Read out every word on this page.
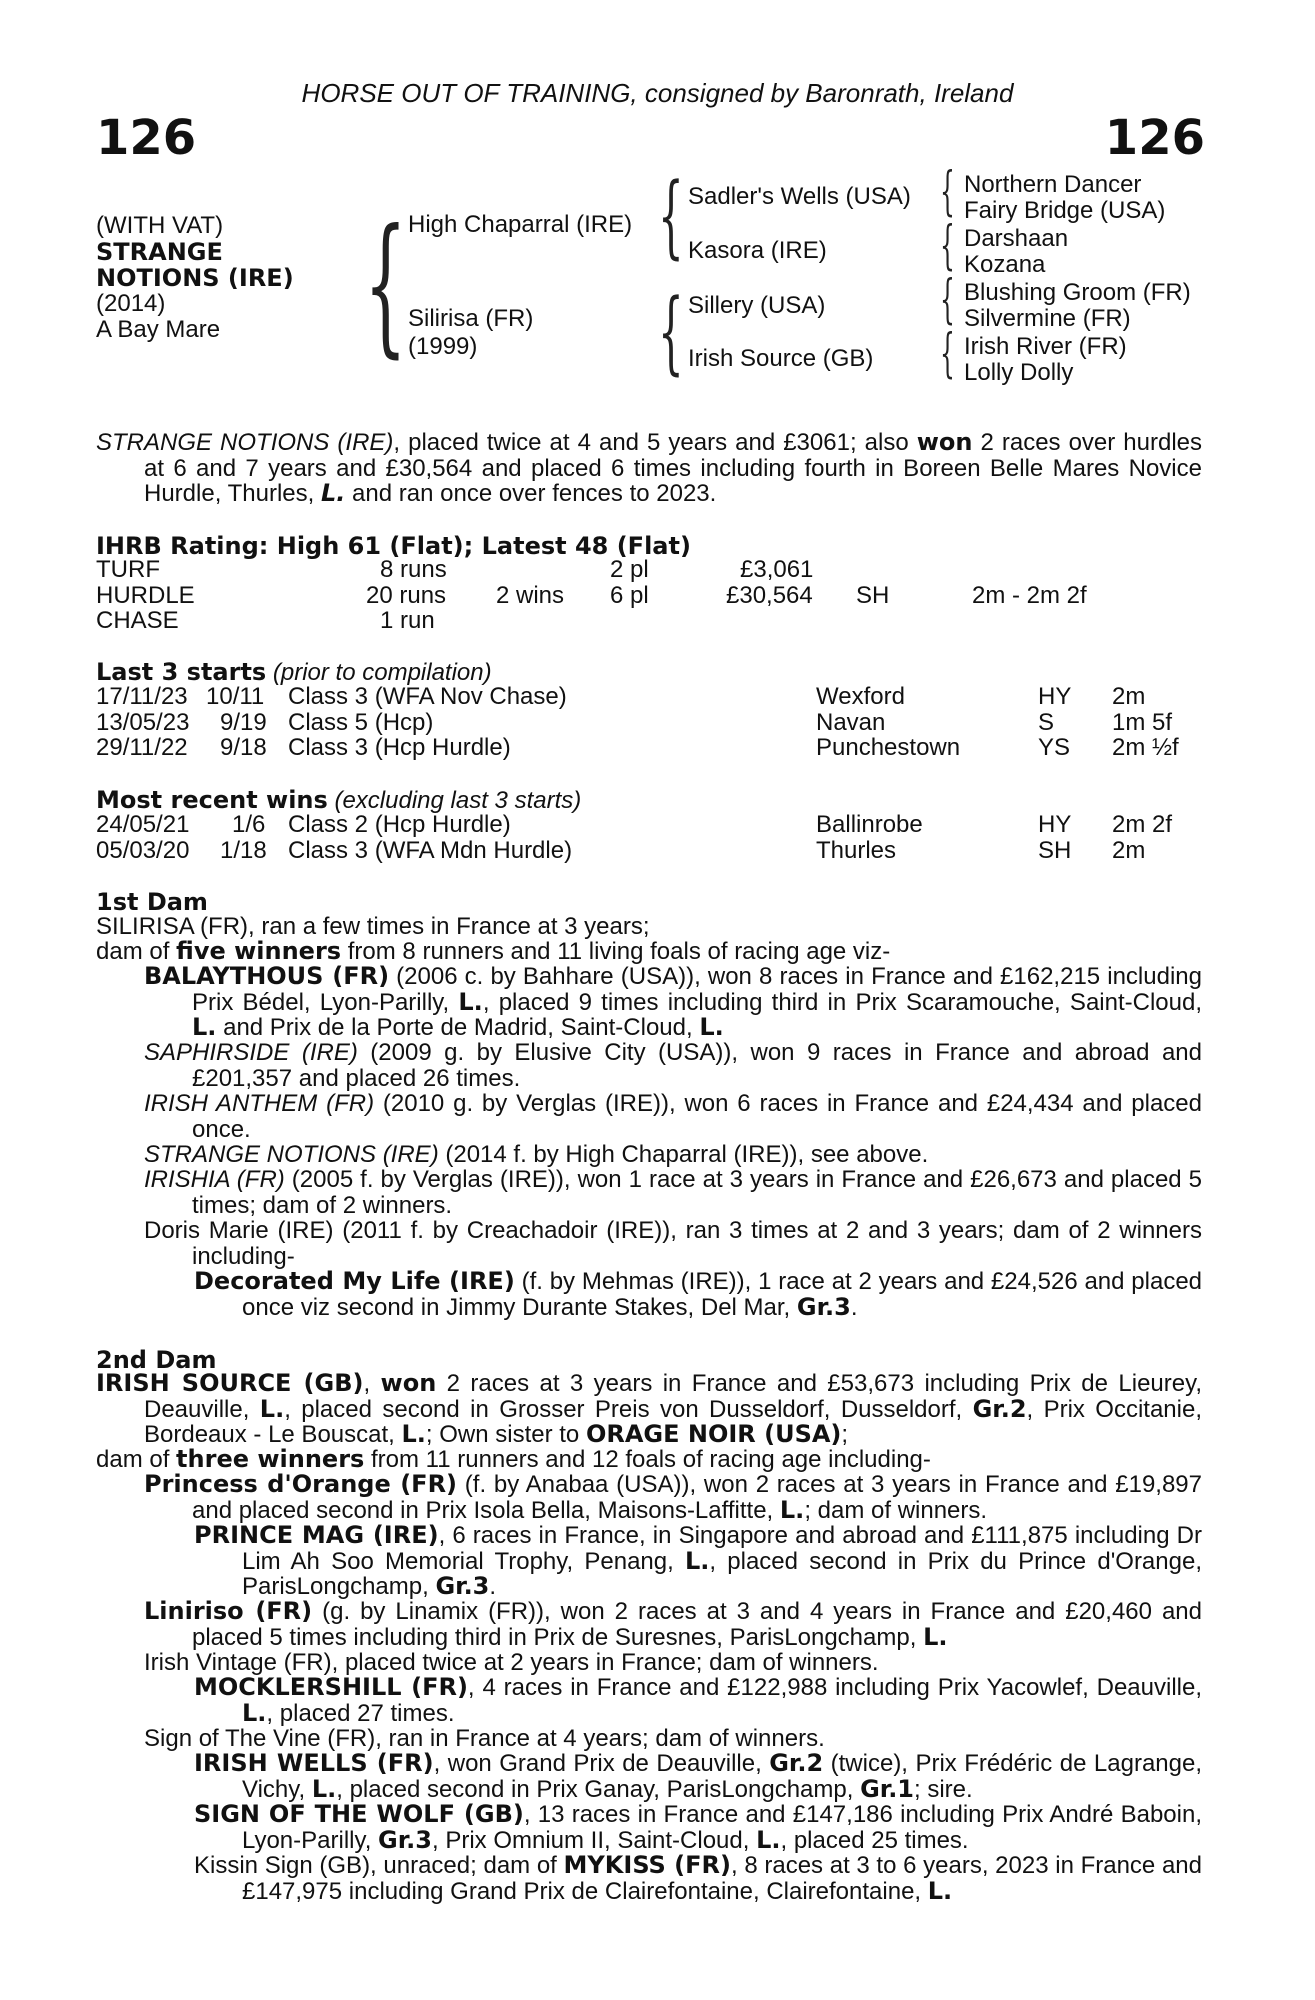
HORSE OUT OF TRAINING, consigned by Baronrath, Ireland
126	126
(WITH VAT)
STRANGE
NOTIONS (IRE)
(2014)
A Bay Mare { High Chaparral (IRE)
Silirisa (FR)
(1999)
{
{
Sadler's Wells (USA)
Kasora (IRE)
Sillery (USA)
Irish Source (GB)
{
{
{
{
Northern Dancer
Fairy Bridge (USA)
Darshaan
Kozana
Blushing Groom (FR)
Silvermine (FR)
Irish River (FR)
Lolly Dolly
STRANGE NOTIONS (IRE), placed twice at 4 and 5 years and £3061; also won 2 races over hurdles at 6 and 7 years and £30,564 and placed 6 times including fourth in Boreen Belle Mares Novice Hurdle, Thurles, L. and ran once over fences to 2023.
IHRB Rating: High 61 (Flat); Latest 48 (Flat)
TURF	8 runs	2 pl	£3,061
HURDLE	20 runs 2 wins 6 pl	£30,564 SH	2m - 2m 2f
CHASE	1 run
Last 3 starts (prior to compilation)
17/11/23 10/11 Class 3 (WFA Nov Chase)	Wexford	HY 2m
13/05/23 9/19 Class 5 (Hcp)	Navan	S 1m 5f
29/11/22 9/18 Class 3 (Hcp Hurdle)	Punchestown	YS 2m ½f
Most recent wins (excluding last 3 starts)
24/05/21 1/6 Class 2 (Hcp Hurdle)	Ballinrobe	HY 2m 2f
05/03/20 1/18 Class 3 (WFA Mdn Hurdle)	Thurles	SH 2m
1st Dam
SILIRISA (FR), ran a few times in France at 3 years;
dam of five winners from 8 runners and 11 living foals of racing age viz-
BALAYTHOUS (FR) (2006 c. by Bahhare (USA)), won 8 races in France and £162,215 including Prix Bédel, Lyon-Parilly, L., placed 9 times including third in Prix Scaramouche, Saint-Cloud, L. and Prix de la Porte de Madrid, Saint-Cloud, L.
SAPHIRSIDE (IRE) (2009 g. by Elusive City (USA)), won 9 races in France and abroad and £201,357 and placed 26 times.
IRISH ANTHEM (FR) (2010 g. by Verglas (IRE)), won 6 races in France and £24,434 and placed once.
STRANGE NOTIONS (IRE) (2014 f. by High Chaparral (IRE)), see above.
IRISHIA (FR) (2005 f. by Verglas (IRE)), won 1 race at 3 years in France and £26,673 and placed 5 times; dam of 2 winners.
Doris Marie (IRE) (2011 f. by Creachadoir (IRE)), ran 3 times at 2 and 3 years; dam of 2 winners including-
Decorated My Life (IRE) (f. by Mehmas (IRE)), 1 race at 2 years and £24,526 and placed once viz second in Jimmy Durante Stakes, Del Mar, Gr.3.
2nd Dam
IRISH SOURCE (GB), won 2 races at 3 years in France and £53,673 including Prix de Lieurey, Deauville, L., placed second in Grosser Preis von Dusseldorf, Dusseldorf, Gr.2, Prix Occitanie, Bordeaux - Le Bouscat, L.; Own sister to ORAGE NOIR (USA);
dam of three winners from 11 runners and 12 foals of racing age including-
Princess d'Orange (FR) (f. by Anabaa (USA)), won 2 races at 3 years in France and £19,897 and placed second in Prix Isola Bella, Maisons-Laffitte, L.; dam of winners.
PRINCE MAG (IRE), 6 races in France, in Singapore and abroad and £111,875 including Dr Lim Ah Soo Memorial Trophy, Penang, L., placed second in Prix du Prince d'Orange, ParisLongchamp, Gr.3.
Liniriso (FR) (g. by Linamix (FR)), won 2 races at 3 and 4 years in France and £20,460 and placed 5 times including third in Prix de Suresnes, ParisLongchamp, L.
Irish Vintage (FR), placed twice at 2 years in France; dam of winners.
MOCKLERSHILL (FR), 4 races in France and £122,988 including Prix Yacowlef, Deauville, L., placed 27 times.
Sign of The Vine (FR), ran in France at 4 years; dam of winners.
IRISH WELLS (FR), won Grand Prix de Deauville, Gr.2 (twice), Prix Frédéric de Lagrange, Vichy, L., placed second in Prix Ganay, ParisLongchamp, Gr.1; sire.
SIGN OF THE WOLF (GB), 13 races in France and £147,186 including Prix André Baboin, Lyon-Parilly, Gr.3, Prix Omnium II, Saint-Cloud, L., placed 25 times.
Kissin Sign (GB), unraced; dam of MYKISS (FR), 8 races at 3 to 6 years, 2023 in France and £147,975 including Grand Prix de Clairefontaine, Clairefontaine, L.
